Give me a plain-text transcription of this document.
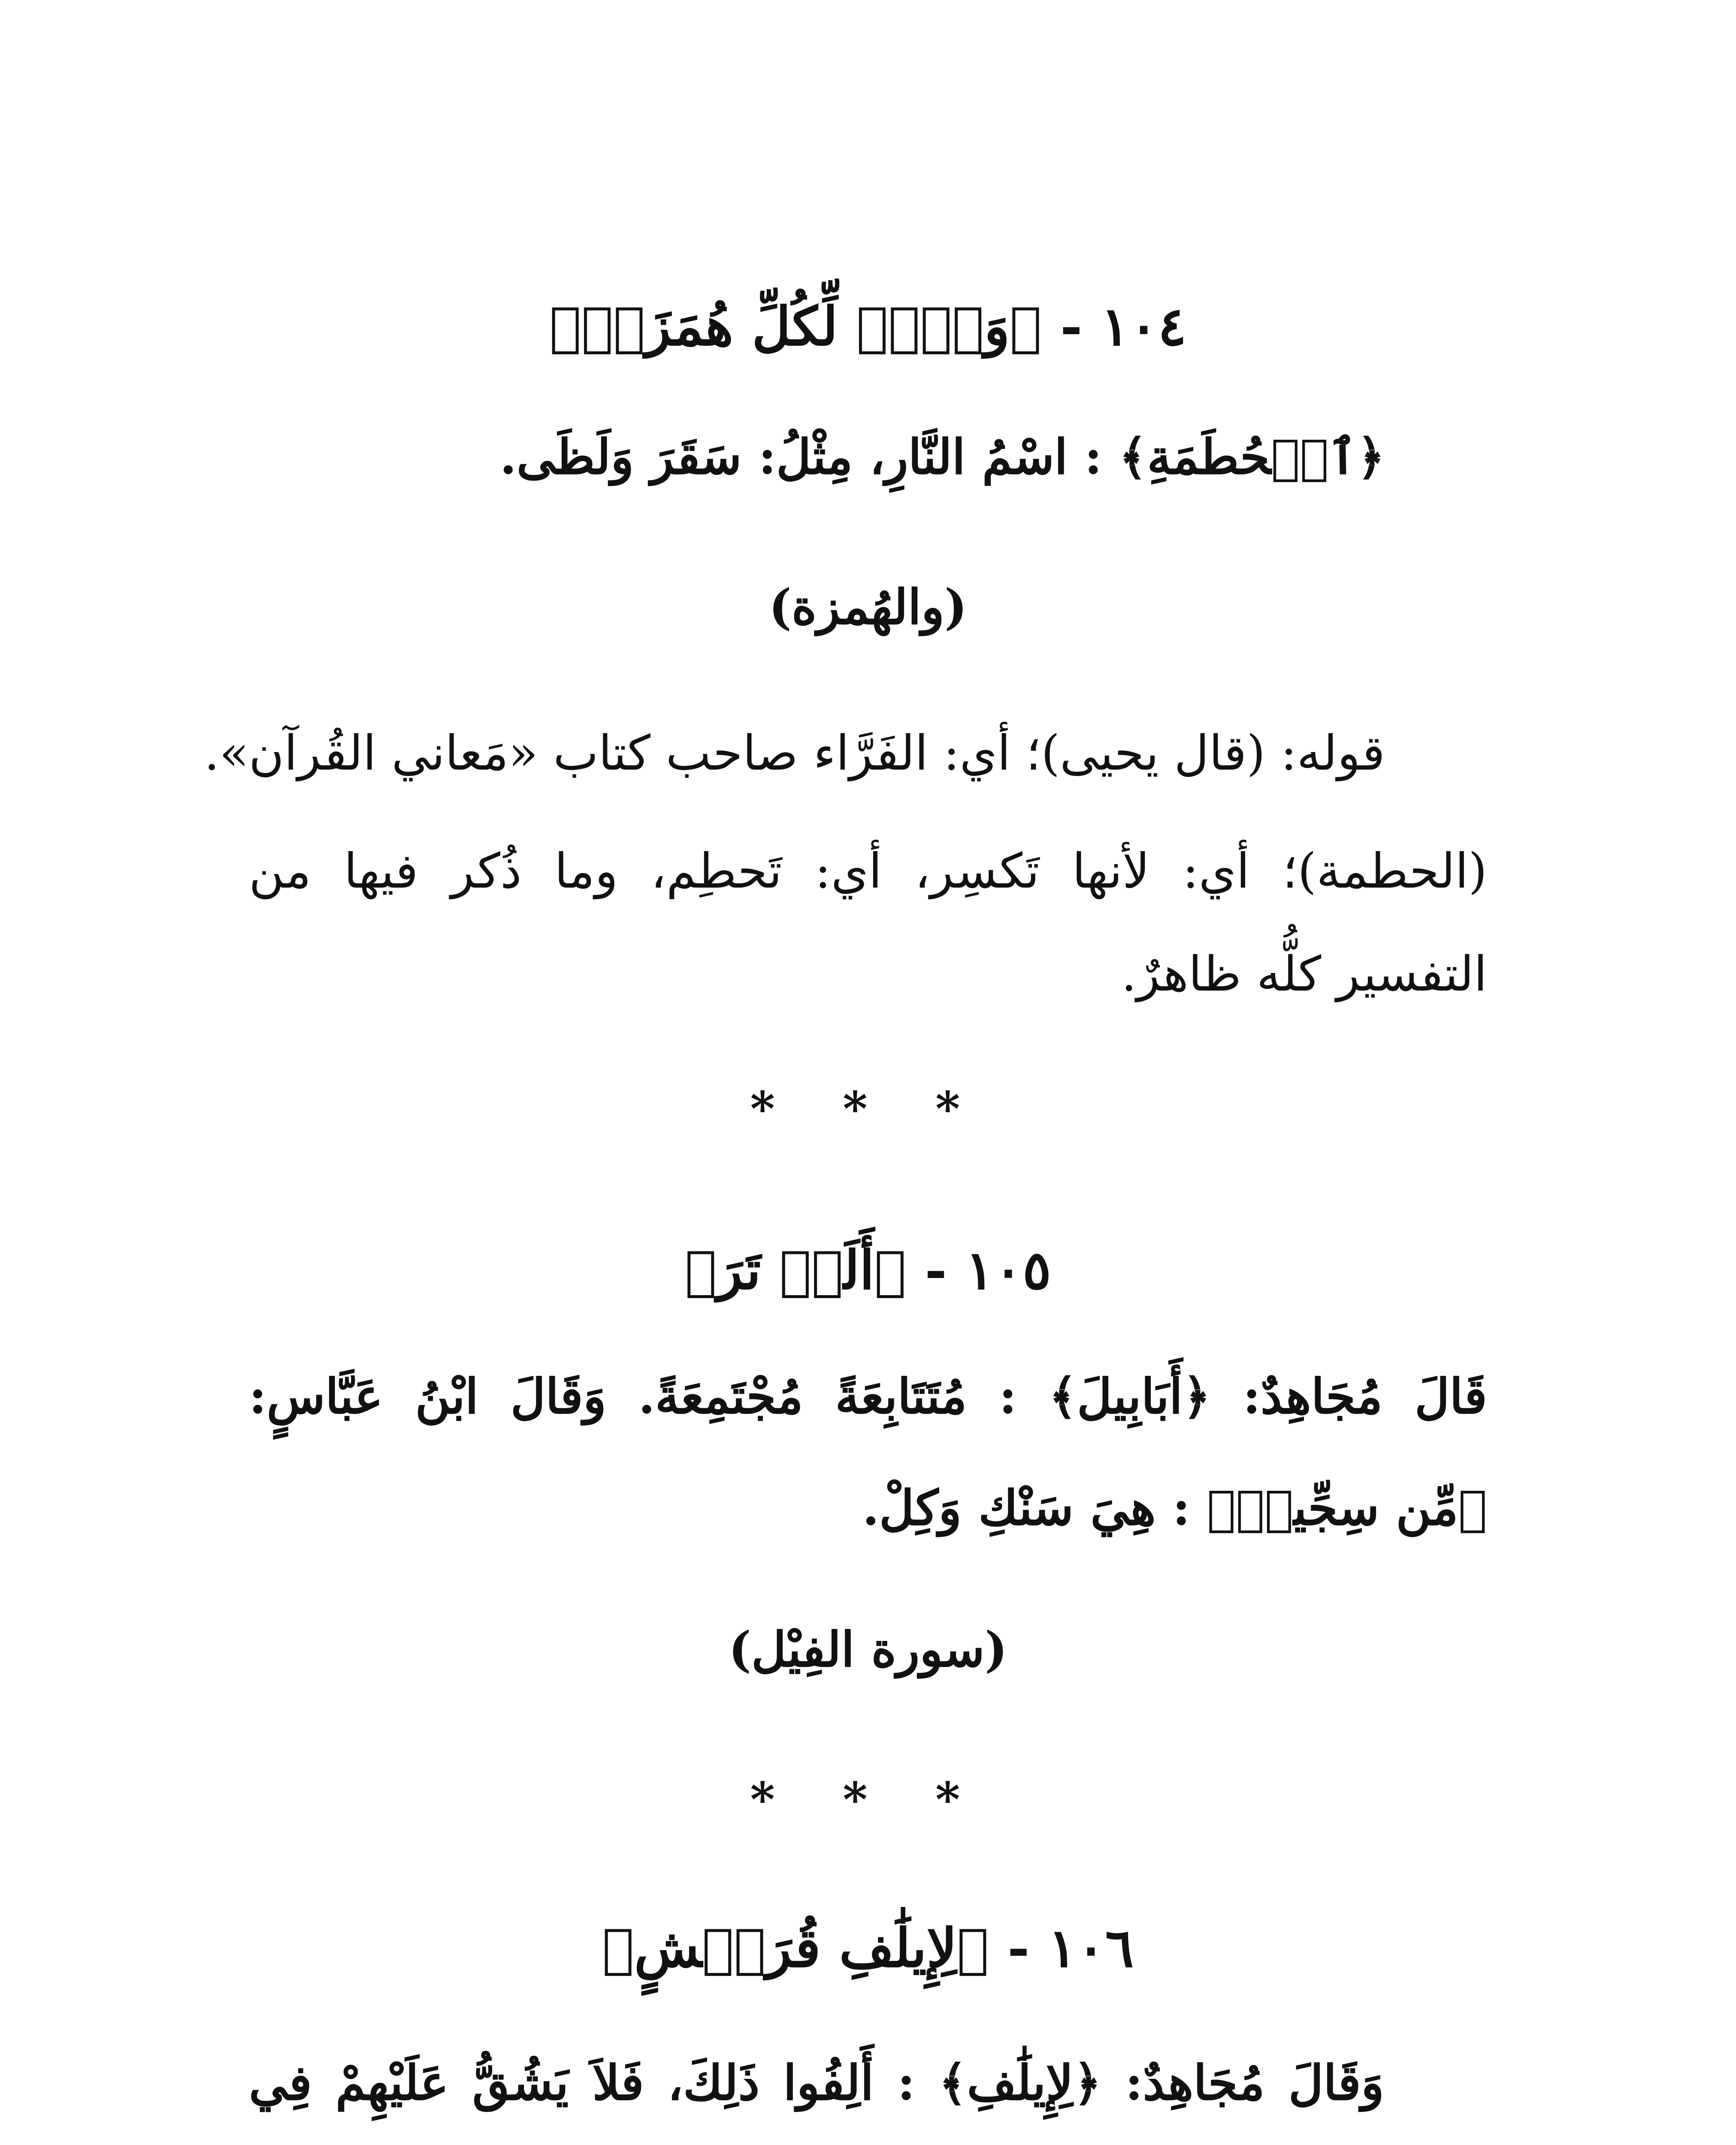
١٠٤ - ﴿وَيۡلٞ لِّكُلِّ هُمَزَةٖ﴾
﴿ٱلۡحُطَمَةِ﴾ : اسْمُ النَّارِ، مِثْلُ: سَقَرَ وَلَظَى.
(والهُمزة)
قوله: (قال يحيى)؛ أي: الفَرَّاء صاحب كتاب «مَعاني القُرآن».
(الحطمة)؛ أي: لأنها تَكسِر، أي: تَحطِم، وما ذُكر فيها من
التفسير كلُّه ظاهرٌ.
* * *
١٠٥ - ﴿أَلَمۡ تَرَ﴾
قَالَ مُجَاهِدٌ: ﴿أَبَابِيلَ﴾ : مُتَتَابِعَةً مُجْتَمِعَةً. وَقَالَ ابْنُ عَبَّاسٍ:
﴿مِّن سِجِّيلٖ﴾ : هِيَ سَنْكِ وَكِلْ.
(سورة الفِيْل)
* * *
١٠٦ - ﴿لِإِيلَٰفِ قُرَيۡشٍ﴾
وَقَالَ مُجَاهِدٌ: ﴿لِإِيلَٰفِ﴾ : أَلِفُوا ذَلِكَ، فَلاَ يَشُقُّ عَلَيْهِمْ فِي
